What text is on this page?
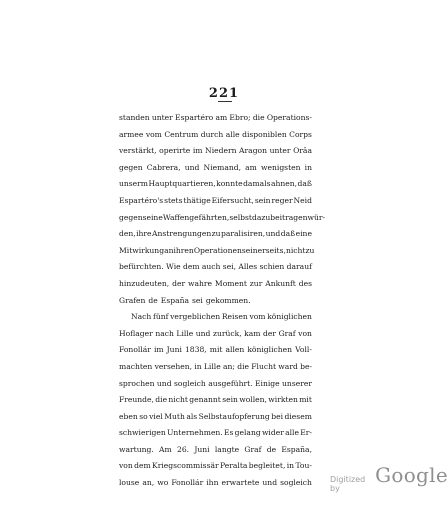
221
standen unter Espartéro am Ebro; die Operations-
armee vom Centrum durch alle disponiblen Corps
verstärkt, operirte im Niedern Aragon unter Orâa
gegen Cabrera, und Niemand, am wenigsten in
unserm Hauptquartieren, konnte damals ahnen, daß
Espartéro's stets thätige Eifersucht, sein reger Neid
gegen seine Waffengefährten, selbst dazu beitragen wür-
den, ihre Anstrengungen zu paralisiren, und daß eine
Mitwirkung an ihren Operationen seinerseits, nicht zu
befürchten. Wie dem auch sei, Alles schien darauf
hinzudeuten, der wahre Moment zur Ankunft des
Grafen de España sei gekommen.
Nach fünf vergeblichen Reisen vom königlichen
Hoflager nach Lille und zurück, kam der Graf von
Fonollár im Juni 1838, mit allen königlichen Voll-
machten versehen, in Lille an; die Flucht ward be-
sprochen und sogleich ausgeführt. Einige unserer
Freunde, die nicht genannt sein wollen, wirkten mit
eben so viel Muth als Selbstaufopferung bei diesem
schwierigen Unternehmen. Es gelang wider alle Er-
wartung. Am 26. Juni langte Graf de España,
von dem Kriegscommissär Peralta begleitet, in Tou-
louse an, wo Fonollár ihn erwartete und sogleich Digitized by
Google
